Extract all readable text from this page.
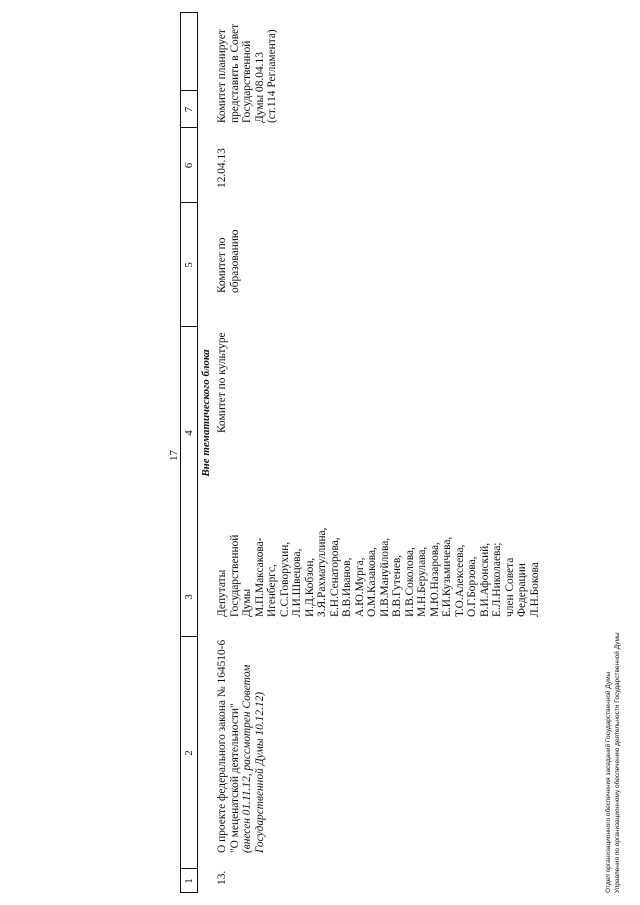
17
1
2
3
4
5
6
7
Вне тематического блока
13.
О проекте федерального закона № 164510-6
"О меценатской деятельности"
(внесен 01.11.12, рассмотрен Советом
Государственной Думы 10.12.12)
Депутаты
Государственной
Думы
М.П.Максакова-
Игенбергс,
С.С.Говорухин,
Л.И.Швецова,
И.Д.Кобзон,
З.Я.Рахматуллина,
Е.Н.Сенаторова,
В.В.Иванов,
А.Ю.Мурга,
О.М.Казакова,
И.В.Мануйлова,
В.В.Гутенев,
И.В.Соколова,
М.Н.Берулава,
М.Ю.Назарова,
Е.И.Кузьмичева,
Т.О.Алексеева,
О.Г.Борзова,
В.И.Афонский,
Е.Л.Николаева;
член Совета
Федерации
Л.Н.Бокова
Комитет по культуре
Комитет по
образованию
12.04.13
Комитет планирует
представить в Совет
Государственной
Думы 08.04.13
(ст.114 Регламента)
Отдел организационного обеспечения заседаний Государственной Думы Управления по организационному обеспечению деятельности Государственной Думы
